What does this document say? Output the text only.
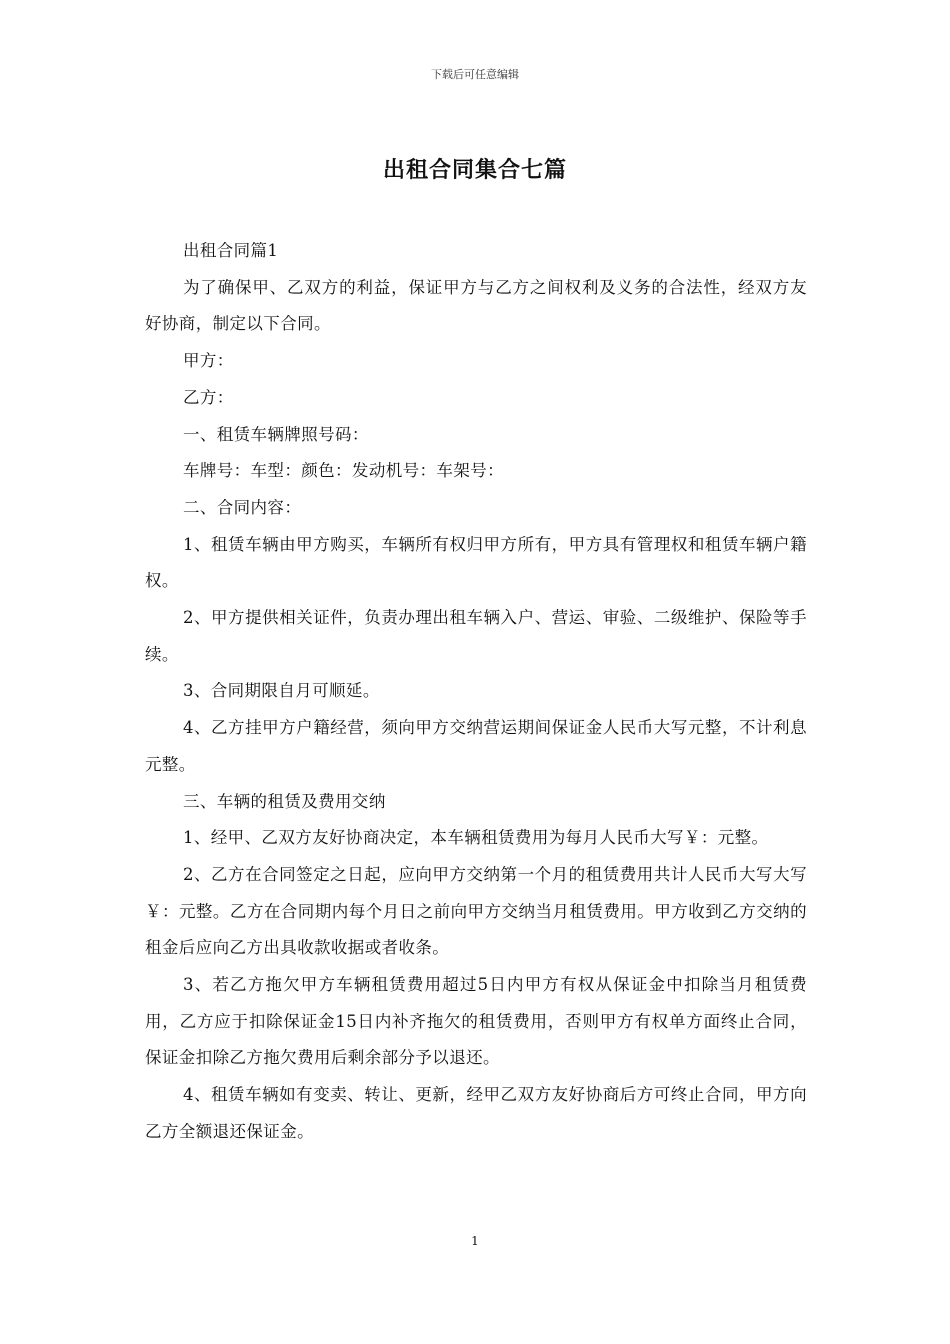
下载后可任意编辑
出租合同集合七篇

出租合同篇1

为了确保甲、乙双方的利益，保证甲方与乙方之间权利及义务的合法性，经双方友好协商，制定以下合同。

甲方：

乙方：

一、租赁车辆牌照号码：

车牌号：车型：颜色：发动机号：车架号：

二、合同内容：

1、租赁车辆由甲方购买，车辆所有权归甲方所有，甲方具有管理权和租赁车辆户籍权。

2、甲方提供相关证件，负责办理出租车辆入户、营运、审验、二级维护、保险等手续。

3、合同期限自月可顺延。

4、乙方挂甲方户籍经营，须向甲方交纳营运期间保证金人民币大写元整，不计利息元整。

三、车辆的租赁及费用交纳

1、经甲、乙双方友好协商决定，本车辆租赁费用为每月人民币大写￥：元整。

2、乙方在合同签定之日起，应向甲方交纳第一个月的租赁费用共计人民币大写大写￥：元整。乙方在合同期内每个月日之前向甲方交纳当月租赁费用。甲方收到乙方交纳的租金后应向乙方出具收款收据或者收条。

3、若乙方拖欠甲方车辆租赁费用超过5日内甲方有权从保证金中扣除当月租赁费用，乙方应于扣除保证金15日内补齐拖欠的租赁费用，否则甲方有权单方面终止合同，保证金扣除乙方拖欠费用后剩余部分予以退还。

4、租赁车辆如有变卖、转让、更新，经甲乙双方友好协商后方可终止合同，甲方向乙方全额退还保证金。

1
